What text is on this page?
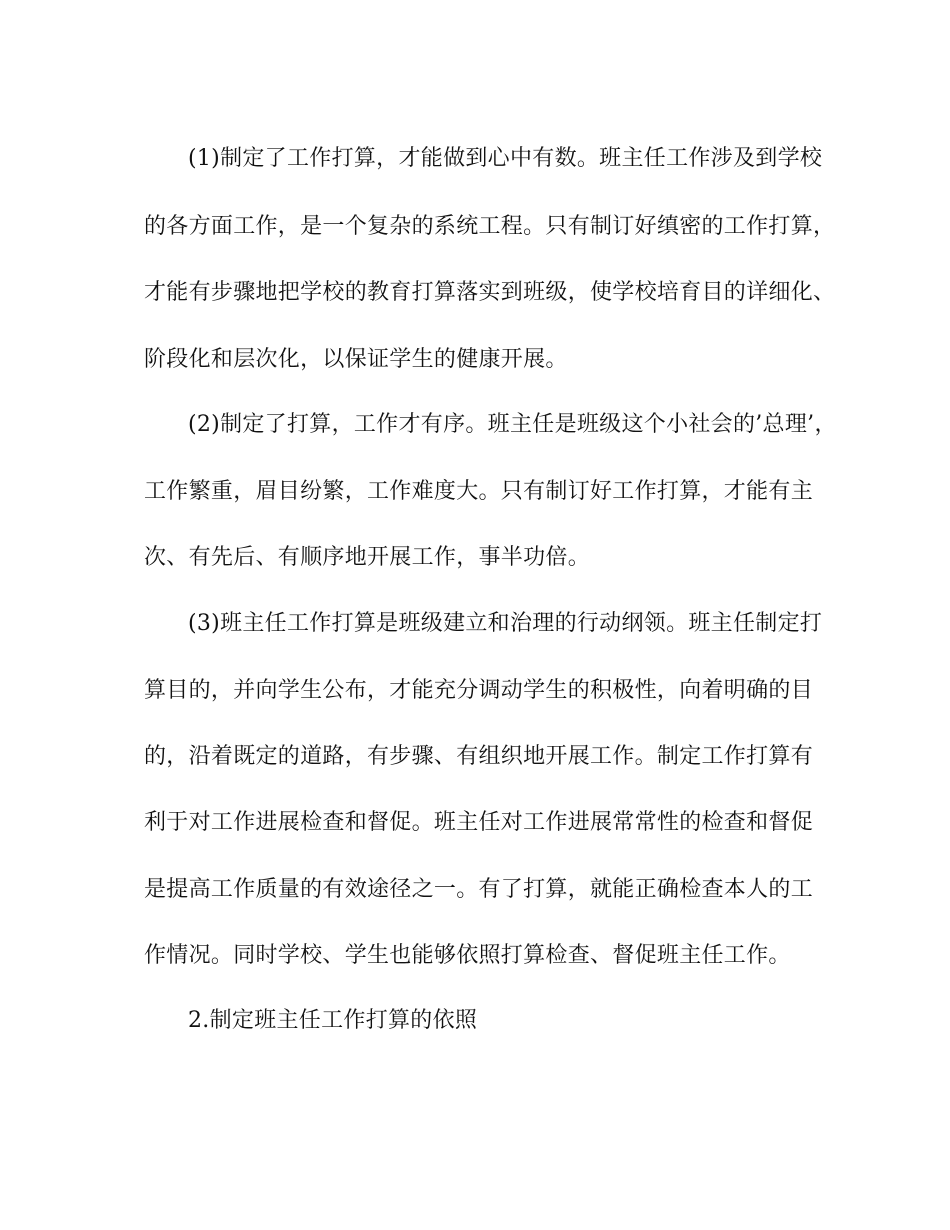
(1)制定了工作打算，才能做到心中有数。班主任工作涉及到学校
的各方面工作，是一个复杂的系统工程。只有制订好缜密的工作打算，
才能有步骤地把学校的教育打算落实到班级，使学校培育目的详细化、
阶段化和层次化，以保证学生的健康开展。
(2)制定了打算，工作才有序。班主任是班级这个小社会的’总理’，
工作繁重，眉目纷繁，工作难度大。只有制订好工作打算，才能有主
次、有先后、有顺序地开展工作，事半功倍。
(3)班主任工作打算是班级建立和治理的行动纲领。班主任制定打
算目的，并向学生公布，才能充分调动学生的积极性，向着明确的目
的，沿着既定的道路，有步骤、有组织地开展工作。制定工作打算有
利于对工作进展检查和督促。班主任对工作进展常常性的检查和督促
是提高工作质量的有效途径之一。有了打算，就能正确检查本人的工
作情况。同时学校、学生也能够依照打算检查、督促班主任工作。
2.制定班主任工作打算的依照
